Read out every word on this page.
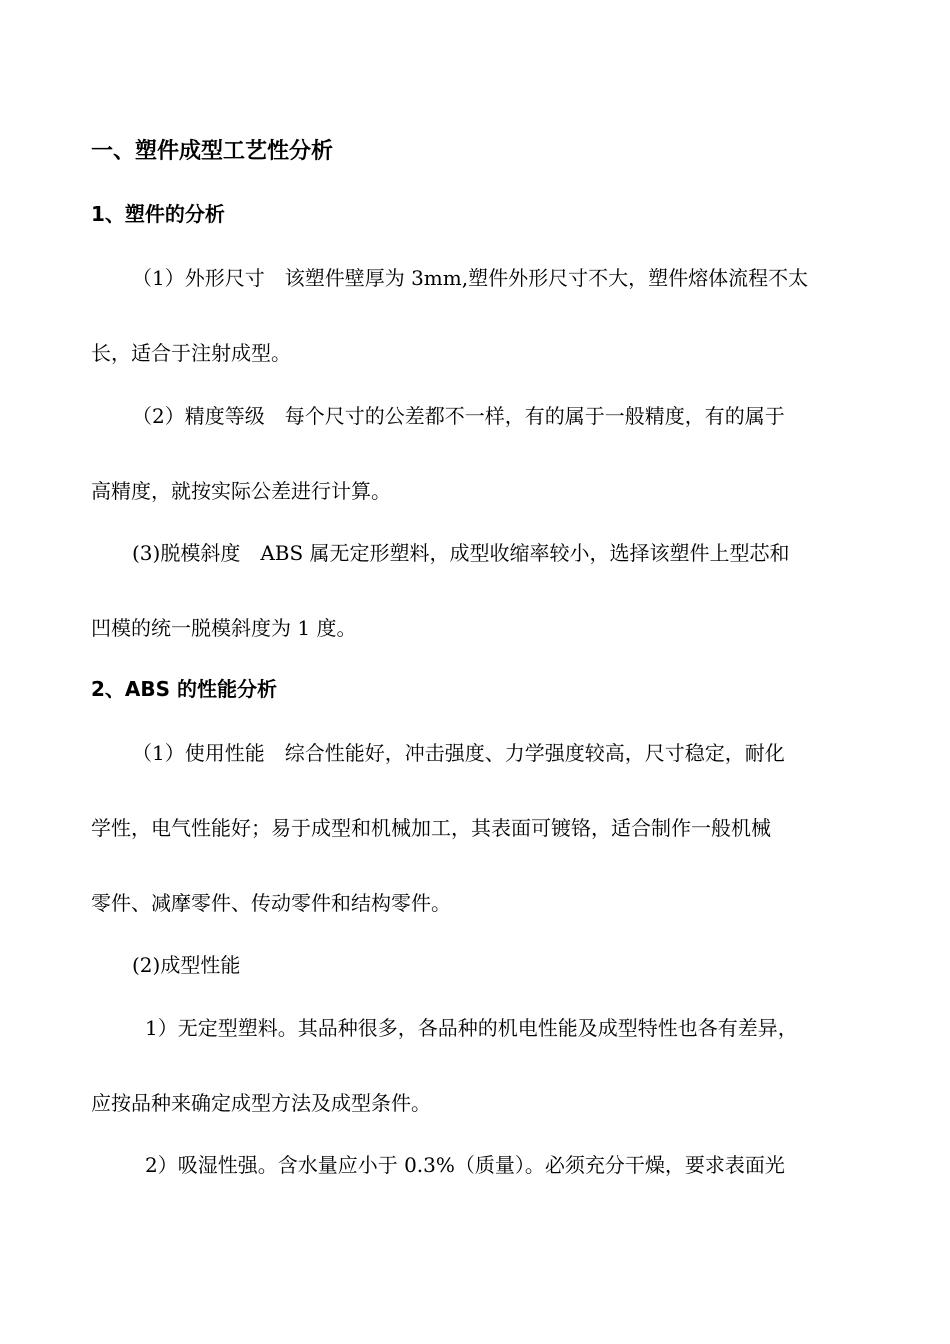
一、塑件成型工艺性分析
1、塑件的分析
（1）外形尺寸　该塑件壁厚为 3mm,塑件外形尺寸不大，塑件熔体流程不太
长，适合于注射成型。
（2）精度等级　每个尺寸的公差都不一样，有的属于一般精度，有的属于
高精度，就按实际公差进行计算。
(3)脱模斜度　ABS 属无定形塑料，成型收缩率较小，选择该塑件上型芯和
凹模的统一脱模斜度为 1 度。
2、ABS 的性能分析
（1）使用性能　综合性能好，冲击强度、力学强度较高，尺寸稳定，耐化
学性，电气性能好；易于成型和机械加工，其表面可镀铬，适合制作一般机械
零件、减摩零件、传动零件和结构零件。
(2)成型性能
1）无定型塑料。其品种很多，各品种的机电性能及成型特性也各有差异，
应按品种来确定成型方法及成型条件。
2）吸湿性强。含水量应小于 0.3%（质量）。必须充分干燥，要求表面光
